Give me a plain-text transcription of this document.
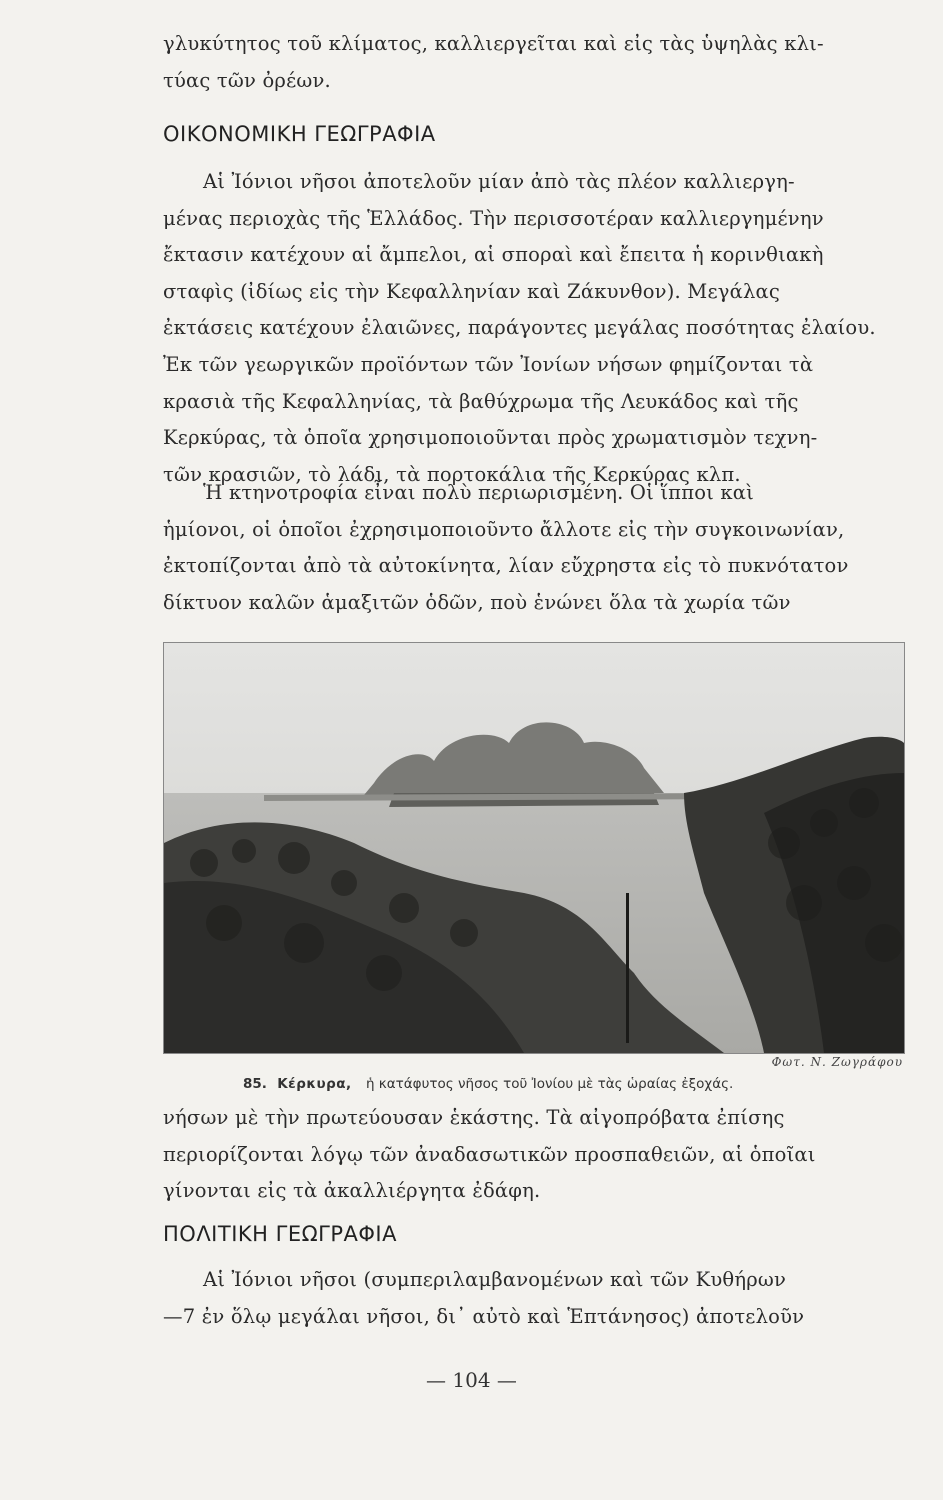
γλυκύτητος τοῦ κλίματος, καλλιεργεῖται καὶ εἰς τὰς ὑψηλὰς κλι-

τύας τῶν ὀρέων.

ΟΙΚΟΝΟΜΙΚΗ ΓΕΩΓΡΑΦΙΑ

Αἱ Ἰόνιοι νῆσοι ἀποτελοῦν μίαν ἀπὸ τὰς πλέον καλλιεργη-

μένας περιοχὰς τῆς Ἑλλάδος. Τὴν περισσοτέραν καλλιεργημένην

ἔκτασιν κατέχουν αἱ ἄμπελοι, αἱ σποραὶ καὶ ἔπειτα ἡ κορινθιακὴ

σταφὶς (ἰδίως εἰς τὴν Κεφαλληνίαν καὶ Ζάκυνθον). Μεγάλας

ἐκτάσεις κατέχουν ἐλαιῶνες, παράγοντες μεγάλας ποσότητας ἐλαίου.

Ἐκ τῶν γεωργικῶν προϊόντων τῶν Ἰονίων νήσων φημίζονται τὰ

κρασιὰ τῆς Κεφαλληνίας, τὰ βαθύχρωμα τῆς Λευκάδος καὶ τῆς

Κερκύρας, τὰ ὁποῖα χρησιμοποιοῦνται πρὸς χρωματισμὸν τεχνη-

τῶν κρασιῶν, τὸ λάδι, τὰ πορτοκάλια τῆς Κερκύρας κλπ.

Ἡ κτηνοτροφία εἶναι πολὺ περιωρισμένη. Οἱ ἵπποι καὶ

ἡμίονοι, οἱ ὁποῖοι ἐχρησιμοποιοῦντο ἄλλοτε εἰς τὴν συγκοινωνίαν,

ἐκτοπίζονται ἀπὸ τὰ αὐτοκίνητα, λίαν εὔχρηστα εἰς τὸ πυκνότατον

δίκτυον καλῶν ἁμαξιτῶν ὁδῶν, ποὺ ἑνώνει ὅλα τὰ χωρία τῶν

Φωτ. Ν. Ζωγράφου
85. Κέρκυρα, ἡ κατάφυτος νῆσος τοῦ Ἰονίου μὲ τὰς ὡραίας ἐξοχάς.

νήσων μὲ τὴν πρωτεύουσαν ἑκάστης. Τὰ αἰγοπρόβατα ἐπίσης

περιορίζονται λόγῳ τῶν ἀναδασωτικῶν προσπαθειῶν, αἱ ὁποῖαι

γίνονται εἰς τὰ ἀκαλλιέργητα ἐδάφη.

ΠΟΛΙΤΙΚΗ ΓΕΩΓΡΑΦΙΑ

Αἱ Ἰόνιοι νῆσοι (συμπεριλαμβανομένων καὶ τῶν Κυθήρων

—7 ἐν ὅλῳ μεγάλαι νῆσοι, δι᾽ αὐτὸ καὶ Ἑπτάνησος) ἀποτελοῦν

— 104 —
